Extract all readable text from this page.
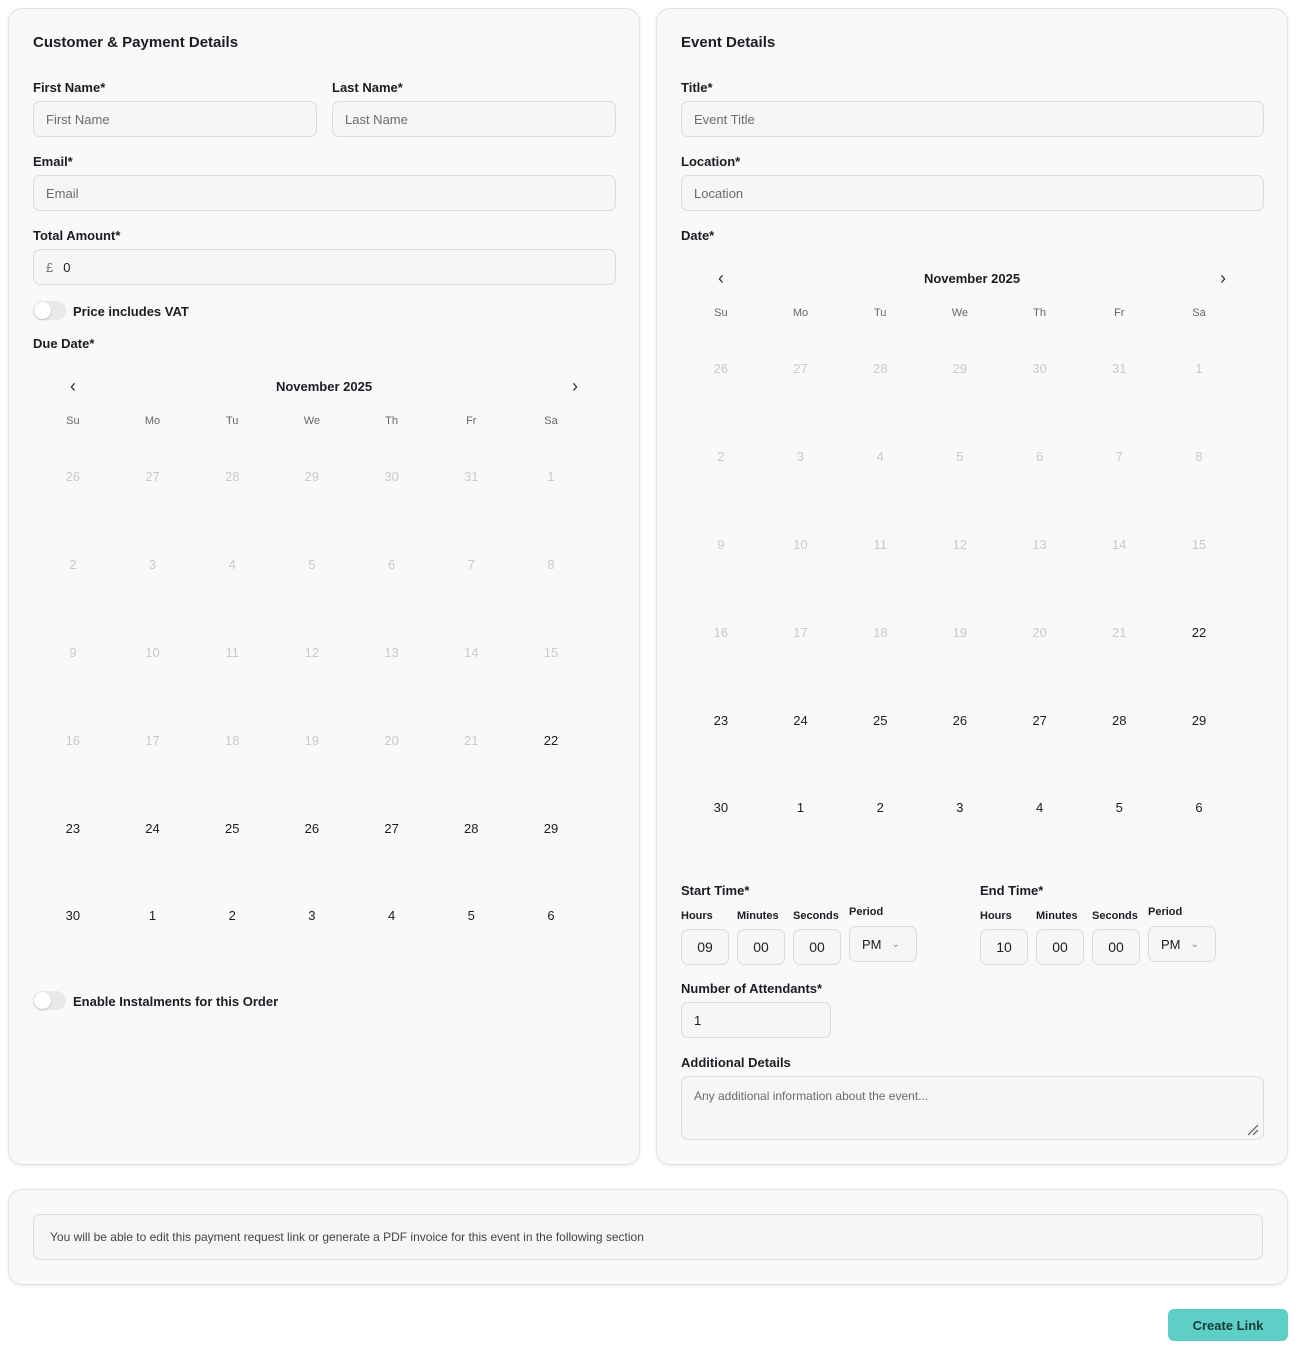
Customer & Payment Details
First Name*
First Name
Last Name*
Last Name
Email*
Email
Total Amount*
£ 0
Price includes VAT
Due Date*
‹	November 2025	›
Su	Mo	Tu	We	Th	Fr	Sa
26	27	28	29	30	31	1
2	3	4	5	6	7	8
9	10	11	12	13	14	15
16	17	18	19	20	21	22
23	24	25	26	27	28	29
30	1	2	3	4	5	6
Enable Instalments for this Order
Event Details
Title*
Event Title
Location*
Location
Date*
‹	November 2025	›
Su	Mo	Tu	We	Th	Fr	Sa
26	27	28	29	30	31	1
2	3	4	5	6	7	8
9	10	11	12	13	14	15
16	17	18	19	20	21	22
23	24	25	26	27	28	29
30	1	2	3	4	5	6
Start Time*
Hours Minutes Seconds Period
09	00	00	PM ⌄
End Time*
Hours Minutes Seconds Period
10	00	00	PM ⌄
Number of Attendants*
1
Additional Details
Any additional information about the event...
You will be able to edit this payment request link or generate a PDF invoice for this event in the following section
Create Link
